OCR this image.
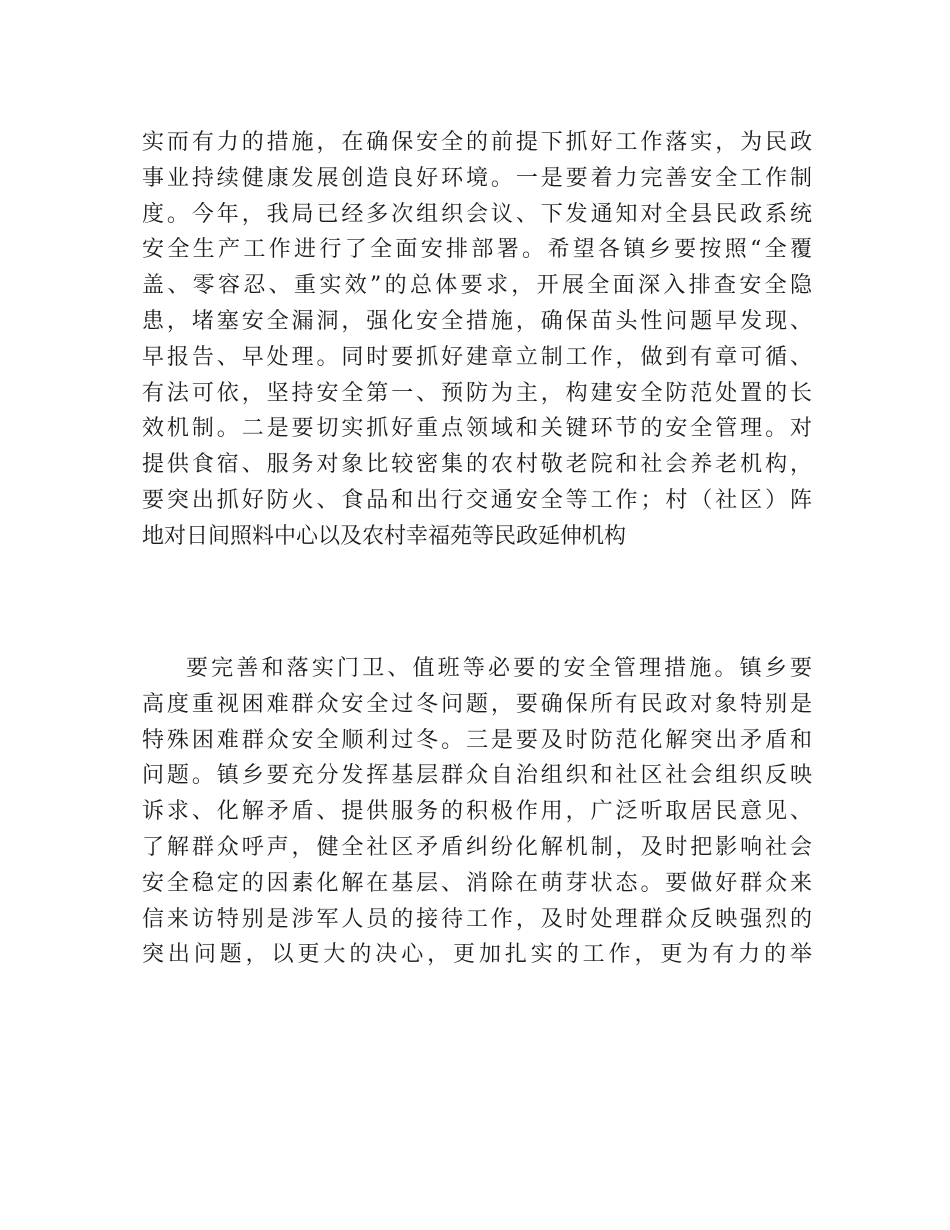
实而有力的措施，在确保安全的前提下抓好工作落实，为民政
事业持续健康发展创造良好环境。一是要着力完善安全工作制
度。今年，我局已经多次组织会议、下发通知对全县民政系统
安全生产工作进行了全面安排部署。希望各镇乡要按照“全覆
盖、零容忍、重实效”的总体要求，开展全面深入排查安全隐
患，堵塞安全漏洞，强化安全措施，确保苗头性问题早发现、
早报告、早处理。同时要抓好建章立制工作，做到有章可循、
有法可依，坚持安全第一、预防为主，构建安全防范处置的长
效机制。二是要切实抓好重点领域和关键环节的安全管理。对
提供食宿、服务对象比较密集的农村敬老院和社会养老机构，
要突出抓好防火、食品和出行交通安全等工作；村（社区）阵
地对日间照料中心以及农村幸福苑等民政延伸机构
要完善和落实门卫、值班等必要的安全管理措施。镇乡要
高度重视困难群众安全过冬问题，要确保所有民政对象特别是
特殊困难群众安全顺利过冬。三是要及时防范化解突出矛盾和
问题。镇乡要充分发挥基层群众自治组织和社区社会组织反映
诉求、化解矛盾、提供服务的积极作用，广泛听取居民意见、
了解群众呼声，健全社区矛盾纠纷化解机制，及时把影响社会
安全稳定的因素化解在基层、消除在萌芽状态。要做好群众来
信来访特别是涉军人员的接待工作，及时处理群众反映强烈的
突出问题，以更大的决心，更加扎实的工作，更为有力的举
